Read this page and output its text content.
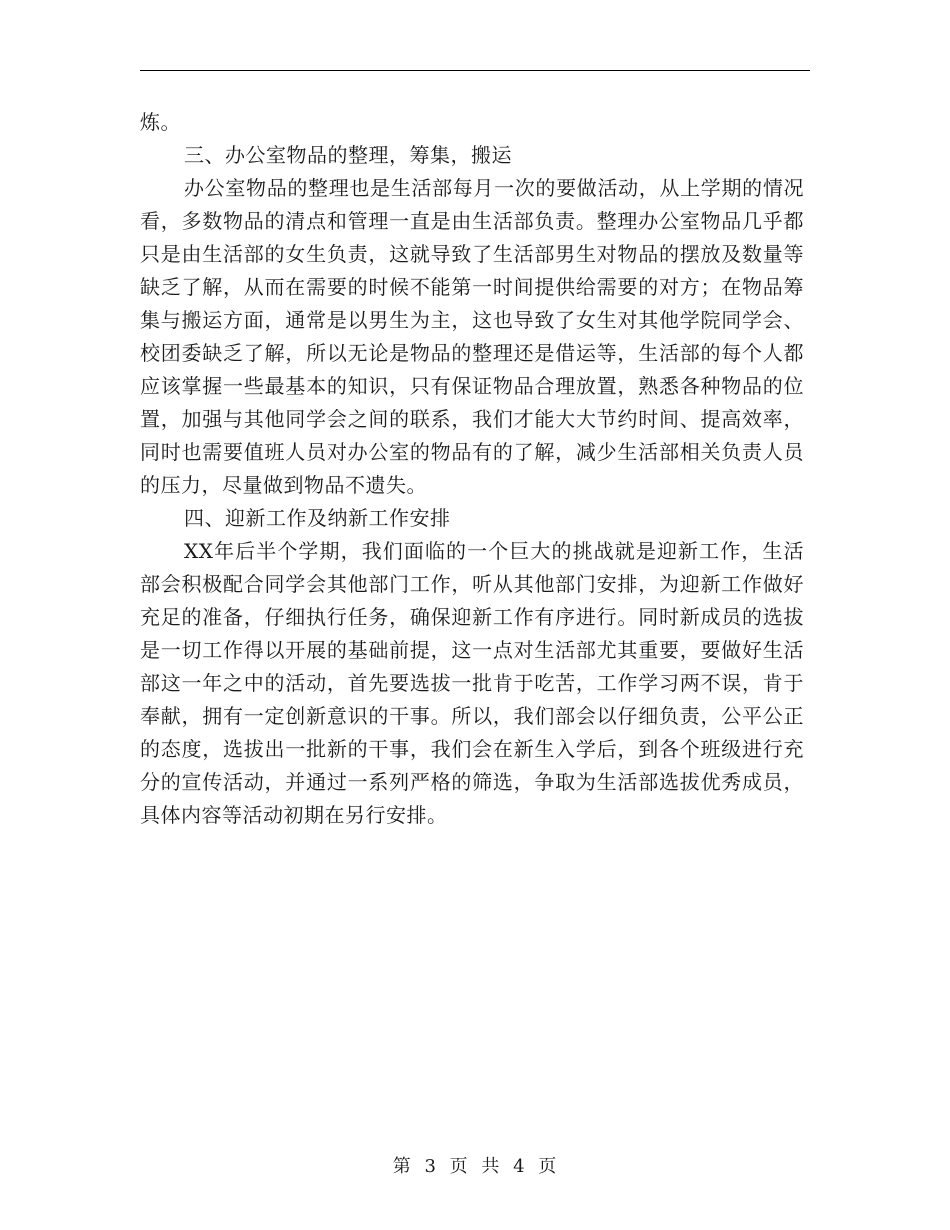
炼。

三、办公室物品的整理，筹集，搬运

办公室物品的整理也是生活部每月一次的要做活动，从上学期的情况看，多数物品的清点和管理一直是由生活部负责。整理办公室物品几乎都只是由生活部的女生负责，这就导致了生活部男生对物品的摆放及数量等缺乏了解，从而在需要的时候不能第一时间提供给需要的对方；在物品筹集与搬运方面，通常是以男生为主，这也导致了女生对其他学院同学会、校团委缺乏了解，所以无论是物品的整理还是借运等，生活部的每个人都应该掌握一些最基本的知识，只有保证物品合理放置，熟悉各种物品的位置，加强与其他同学会之间的联系，我们才能大大节约时间、提高效率，同时也需要值班人员对办公室的物品有的了解，减少生活部相关负责人员的压力，尽量做到物品不遗失。

四、迎新工作及纳新工作安排

XX年后半个学期，我们面临的一个巨大的挑战就是迎新工作，生活部会积极配合同学会其他部门工作，听从其他部门安排，为迎新工作做好充足的准备，仔细执行任务，确保迎新工作有序进行。同时新成员的选拔是一切工作得以开展的基础前提，这一点对生活部尤其重要，要做好生活部这一年之中的活动，首先要选拔一批肯于吃苦，工作学习两不误，肯于奉献，拥有一定创新意识的干事。所以，我们部会以仔细负责，公平公正的态度，选拔出一批新的干事，我们会在新生入学后，到各个班级进行充分的宣传活动，并通过一系列严格的筛选，争取为生活部选拔优秀成员，具体内容等活动初期在另行安排。

第 3 页 共 4 页
